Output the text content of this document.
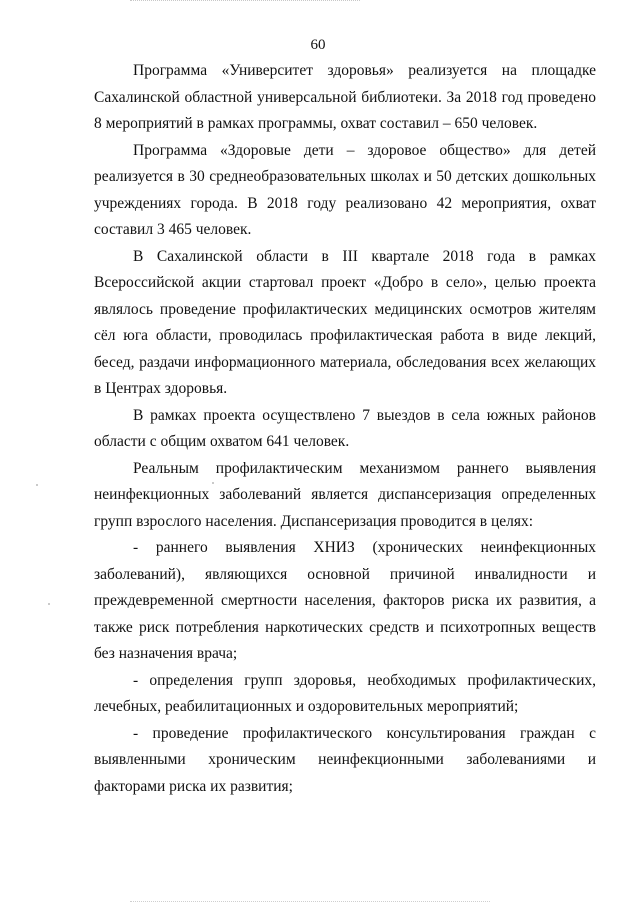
60

Программа «Университет здоровья» реализуется на площадке Сахалинской областной универсальной библиотеки. За 2018 год проведено 8 мероприятий в рамках программы, охват составил – 650 человек.

Программа «Здоровые дети – здоровое общество» для детей реализуется в 30 среднеобразовательных школах и 50 детских дошкольных учреждениях города. В 2018 году реализовано 42 мероприятия, охват составил 3 465 человек.

В Сахалинской области в III квартале 2018 года в рамках Всероссийской акции стартовал проект «Добро в село», целью проекта являлось проведение профилактических медицинских осмотров жителям сёл юга области, проводилась профилактическая работа в виде лекций, бесед, раздачи информационного материала, обследования всех желающих в Центрах здоровья.

В рамках проекта осуществлено 7 выездов в села южных районов области с общим охватом 641 человек.

Реальным профилактическим механизмом раннего выявления неинфекционных заболеваний является диспансеризация определенных групп взрослого населения. Диспансеризация проводится в целях:

- раннего выявления ХНИЗ (хронических неинфекционных заболеваний), являющихся основной причиной инвалидности и преждевременной смертности населения, факторов риска их развития, а также риск потребления наркотических средств и психотропных веществ без назначения врача;

- определения групп здоровья, необходимых профилактических, лечебных, реабилитационных и оздоровительных мероприятий;

- проведение профилактического консультирования граждан с выявленными хроническим неинфекционными заболеваниями и факторами риска их развития;
